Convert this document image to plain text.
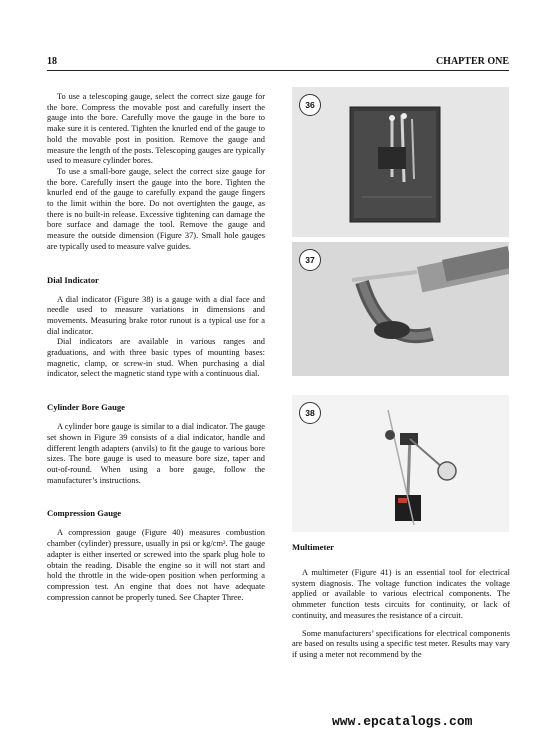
18	CHAPTER ONE

To use a telescoping gauge, select the correct size gauge for the bore. Compress the movable post and carefully insert the gauge into the bore. Carefully move the gauge in the bore to make sure it is centered. Tighten the knurled end of the gauge to hold the movable post in position. Remove the gauge and measure the length of the posts. Telescoping gauges are typically used to measure cylinder bores.

To use a small-bore gauge, select the correct size gauge for the bore. Carefully insert the gauge into the bore. Tighten the knurled end of the gauge to carefully expand the gauge fingers to the limit within the bore. Do not overtighten the gauge, as there is no built-in release. Excessive tightening can damage the bore surface and damage the tool. Remove the gauge and measure the outside dimension (Figure 37). Small hole gauges are typically used to measure valve guides.

Dial Indicator

A dial indicator (Figure 38) is a gauge with a dial face and needle used to measure variations in dimensions and movements. Measuring brake rotor runout is a typical use for a dial indicator.

Dial indicators are available in various ranges and graduations, and with three basic types of mounting bases: magnetic, clamp, or screw-in stud. When purchasing a dial indicator, select the magnetic stand type with a continuous dial.

Cylinder Bore Gauge

A cylinder bore gauge is similar to a dial indicator. The gauge set shown in Figure 39 consists of a dial indicator, handle and different length adapters (anvils) to fit the gauge to various bore sizes. The bore gauge is used to measure bore size, taper and out-of-round. When using a bore gauge, follow the manufacturer’s instructions.

Compression Gauge

A compression gauge (Figure 40) measures combustion chamber (cylinder) pressure, usually in psi or kg/cm². The gauge adapter is either inserted or screwed into the spark plug hole to obtain the reading. Disable the engine so it will not start and hold the throttle in the wide-open position when performing a compression test. An engine that does not have adequate compression cannot be properly tuned. See Chapter Three.

36
37
38
Multimeter

A multimeter (Figure 41) is an essential tool for electrical system diagnosis. The voltage function indicates the voltage applied or available to various electrical components. The ohmmeter function tests circuits for continuity, or lack of continuity, and measures the resistance of a circuit.

Some manufacturers’ specifications for electrical components are based on results using a specific test meter. Results may vary if using a meter not recommend by the

www.epcatalogs.com
